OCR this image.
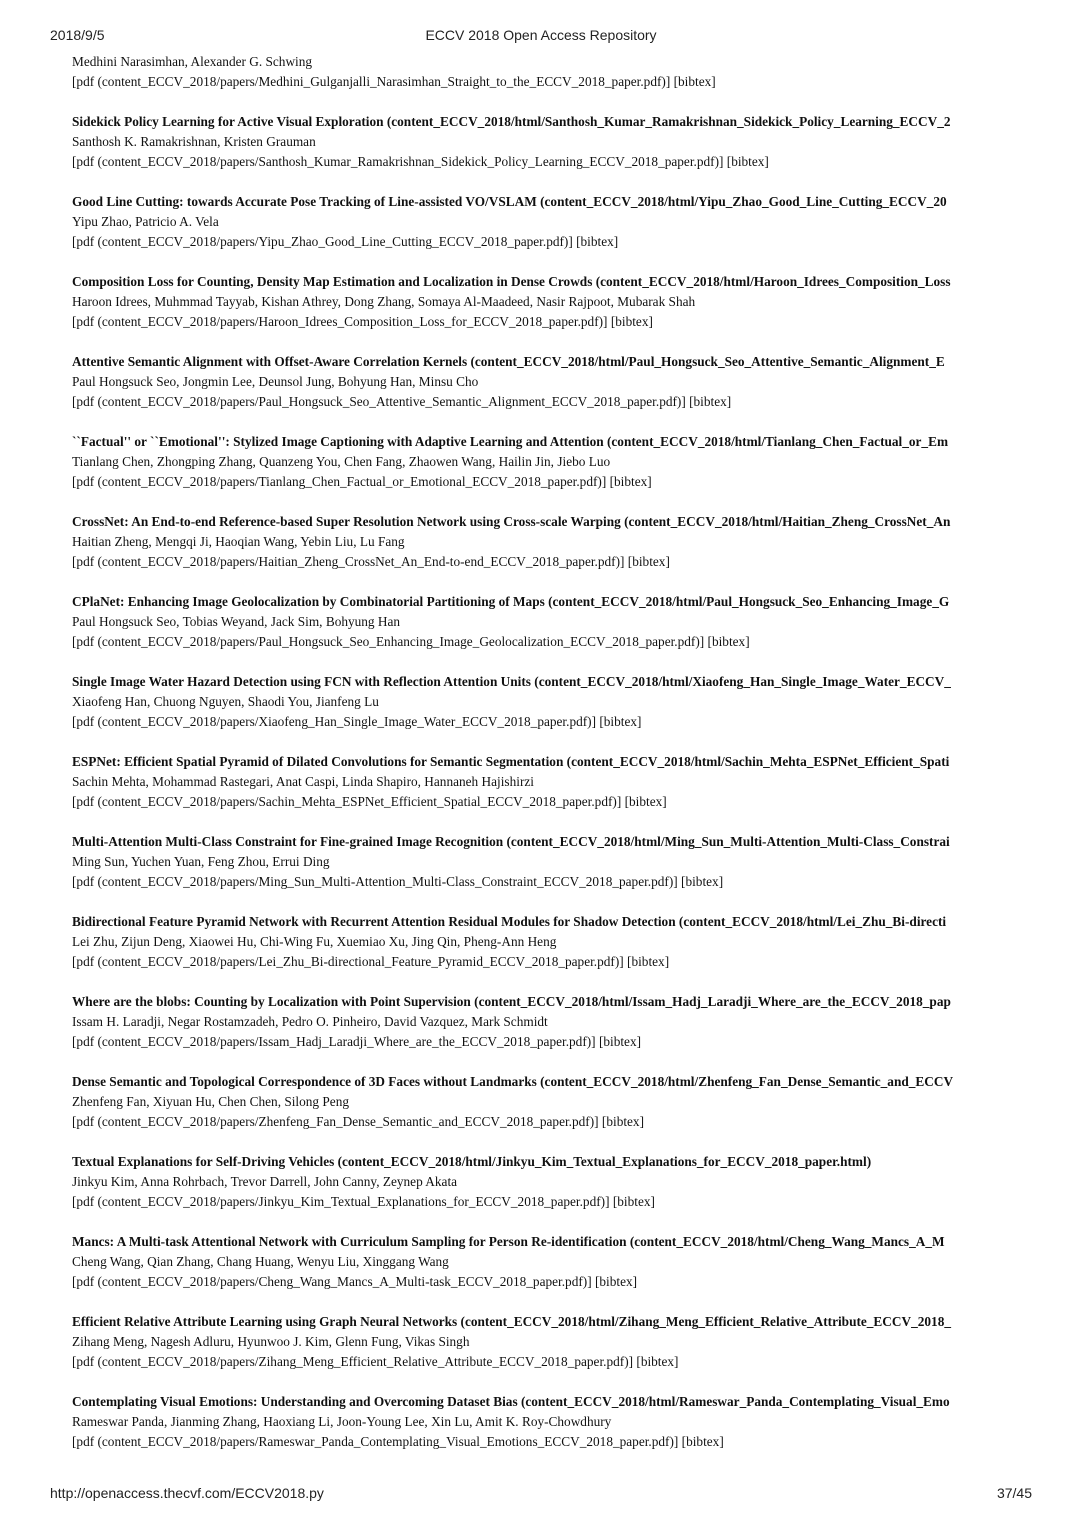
2018/9/5	ECCV 2018 Open Access Repository
Medhini Narasimhan, Alexander G. Schwing
[pdf (content_ECCV_2018/papers/Medhini_Gulganjalli_Narasimhan_Straight_to_the_ECCV_2018_paper.pdf)] [bibtex]
Sidekick Policy Learning for Active Visual Exploration (content_ECCV_2018/html/Santhosh_Kumar_Ramakrishnan_Sidekick_Policy_Learning_ECCV_2
Santhosh K. Ramakrishnan, Kristen Grauman
[pdf (content_ECCV_2018/papers/Santhosh_Kumar_Ramakrishnan_Sidekick_Policy_Learning_ECCV_2018_paper.pdf)] [bibtex]
Good Line Cutting: towards Accurate Pose Tracking of Line-assisted VO/VSLAM (content_ECCV_2018/html/Yipu_Zhao_Good_Line_Cutting_ECCV_20
Yipu Zhao, Patricio A. Vela
[pdf (content_ECCV_2018/papers/Yipu_Zhao_Good_Line_Cutting_ECCV_2018_paper.pdf)] [bibtex]
Composition Loss for Counting, Density Map Estimation and Localization in Dense Crowds (content_ECCV_2018/html/Haroon_Idrees_Composition_Loss
Haroon Idrees, Muhmmad Tayyab, Kishan Athrey, Dong Zhang, Somaya Al-Maadeed, Nasir Rajpoot, Mubarak Shah
[pdf (content_ECCV_2018/papers/Haroon_Idrees_Composition_Loss_for_ECCV_2018_paper.pdf)] [bibtex]
Attentive Semantic Alignment with Offset-Aware Correlation Kernels (content_ECCV_2018/html/Paul_Hongsuck_Seo_Attentive_Semantic_Alignment_E
Paul Hongsuck Seo, Jongmin Lee, Deunsol Jung, Bohyung Han, Minsu Cho
[pdf (content_ECCV_2018/papers/Paul_Hongsuck_Seo_Attentive_Semantic_Alignment_ECCV_2018_paper.pdf)] [bibtex]
``Factual'' or ``Emotional'': Stylized Image Captioning with Adaptive Learning and Attention (content_ECCV_2018/html/Tianlang_Chen_Factual_or_Em
Tianlang Chen, Zhongping Zhang, Quanzeng You, Chen Fang, Zhaowen Wang, Hailin Jin, Jiebo Luo
[pdf (content_ECCV_2018/papers/Tianlang_Chen_Factual_or_Emotional_ECCV_2018_paper.pdf)] [bibtex]
CrossNet: An End-to-end Reference-based Super Resolution Network using Cross-scale Warping (content_ECCV_2018/html/Haitian_Zheng_CrossNet_An
Haitian Zheng, Mengqi Ji, Haoqian Wang, Yebin Liu, Lu Fang
[pdf (content_ECCV_2018/papers/Haitian_Zheng_CrossNet_An_End-to-end_ECCV_2018_paper.pdf)] [bibtex]
CPlaNet: Enhancing Image Geolocalization by Combinatorial Partitioning of Maps (content_ECCV_2018/html/Paul_Hongsuck_Seo_Enhancing_Image_G
Paul Hongsuck Seo, Tobias Weyand, Jack Sim, Bohyung Han
[pdf (content_ECCV_2018/papers/Paul_Hongsuck_Seo_Enhancing_Image_Geolocalization_ECCV_2018_paper.pdf)] [bibtex]
Single Image Water Hazard Detection using FCN with Reflection Attention Units (content_ECCV_2018/html/Xiaofeng_Han_Single_Image_Water_ECCV_
Xiaofeng Han, Chuong Nguyen, Shaodi You, Jianfeng Lu
[pdf (content_ECCV_2018/papers/Xiaofeng_Han_Single_Image_Water_ECCV_2018_paper.pdf)] [bibtex]
ESPNet: Efficient Spatial Pyramid of Dilated Convolutions for Semantic Segmentation (content_ECCV_2018/html/Sachin_Mehta_ESPNet_Efficient_Spati
Sachin Mehta, Mohammad Rastegari, Anat Caspi, Linda Shapiro, Hannaneh Hajishirzi
[pdf (content_ECCV_2018/papers/Sachin_Mehta_ESPNet_Efficient_Spatial_ECCV_2018_paper.pdf)] [bibtex]
Multi-Attention Multi-Class Constraint for Fine-grained Image Recognition (content_ECCV_2018/html/Ming_Sun_Multi-Attention_Multi-Class_Constrai
Ming Sun, Yuchen Yuan, Feng Zhou, Errui Ding
[pdf (content_ECCV_2018/papers/Ming_Sun_Multi-Attention_Multi-Class_Constraint_ECCV_2018_paper.pdf)] [bibtex]
Bidirectional Feature Pyramid Network with Recurrent Attention Residual Modules for Shadow Detection (content_ECCV_2018/html/Lei_Zhu_Bi-directi
Lei Zhu, Zijun Deng, Xiaowei Hu, Chi-Wing Fu, Xuemiao Xu, Jing Qin, Pheng-Ann Heng
[pdf (content_ECCV_2018/papers/Lei_Zhu_Bi-directional_Feature_Pyramid_ECCV_2018_paper.pdf)] [bibtex]
Where are the blobs: Counting by Localization with Point Supervision (content_ECCV_2018/html/Issam_Hadj_Laradji_Where_are_the_ECCV_2018_pap
Issam H. Laradji, Negar Rostamzadeh, Pedro O. Pinheiro, David Vazquez, Mark Schmidt
[pdf (content_ECCV_2018/papers/Issam_Hadj_Laradji_Where_are_the_ECCV_2018_paper.pdf)] [bibtex]
Dense Semantic and Topological Correspondence of 3D Faces without Landmarks (content_ECCV_2018/html/Zhenfeng_Fan_Dense_Semantic_and_ECCV
Zhenfeng Fan, Xiyuan Hu, Chen Chen, Silong Peng
[pdf (content_ECCV_2018/papers/Zhenfeng_Fan_Dense_Semantic_and_ECCV_2018_paper.pdf)] [bibtex]
Textual Explanations for Self-Driving Vehicles (content_ECCV_2018/html/Jinkyu_Kim_Textual_Explanations_for_ECCV_2018_paper.html)
Jinkyu Kim, Anna Rohrbach, Trevor Darrell, John Canny, Zeynep Akata
[pdf (content_ECCV_2018/papers/Jinkyu_Kim_Textual_Explanations_for_ECCV_2018_paper.pdf)] [bibtex]
Mancs: A Multi-task Attentional Network with Curriculum Sampling for Person Re-identification (content_ECCV_2018/html/Cheng_Wang_Mancs_A_M
Cheng Wang, Qian Zhang, Chang Huang, Wenyu Liu, Xinggang Wang
[pdf (content_ECCV_2018/papers/Cheng_Wang_Mancs_A_Multi-task_ECCV_2018_paper.pdf)] [bibtex]
Efficient Relative Attribute Learning using Graph Neural Networks (content_ECCV_2018/html/Zihang_Meng_Efficient_Relative_Attribute_ECCV_2018_
Zihang Meng, Nagesh Adluru, Hyunwoo J. Kim, Glenn Fung, Vikas Singh
[pdf (content_ECCV_2018/papers/Zihang_Meng_Efficient_Relative_Attribute_ECCV_2018_paper.pdf)] [bibtex]
Contemplating Visual Emotions: Understanding and Overcoming Dataset Bias (content_ECCV_2018/html/Rameswar_Panda_Contemplating_Visual_Emo
Rameswar Panda, Jianming Zhang, Haoxiang Li, Joon-Young Lee, Xin Lu, Amit K. Roy-Chowdhury
[pdf (content_ECCV_2018/papers/Rameswar_Panda_Contemplating_Visual_Emotions_ECCV_2018_paper.pdf)] [bibtex]
http://openaccess.thecvf.com/ECCV2018.py	37/45
